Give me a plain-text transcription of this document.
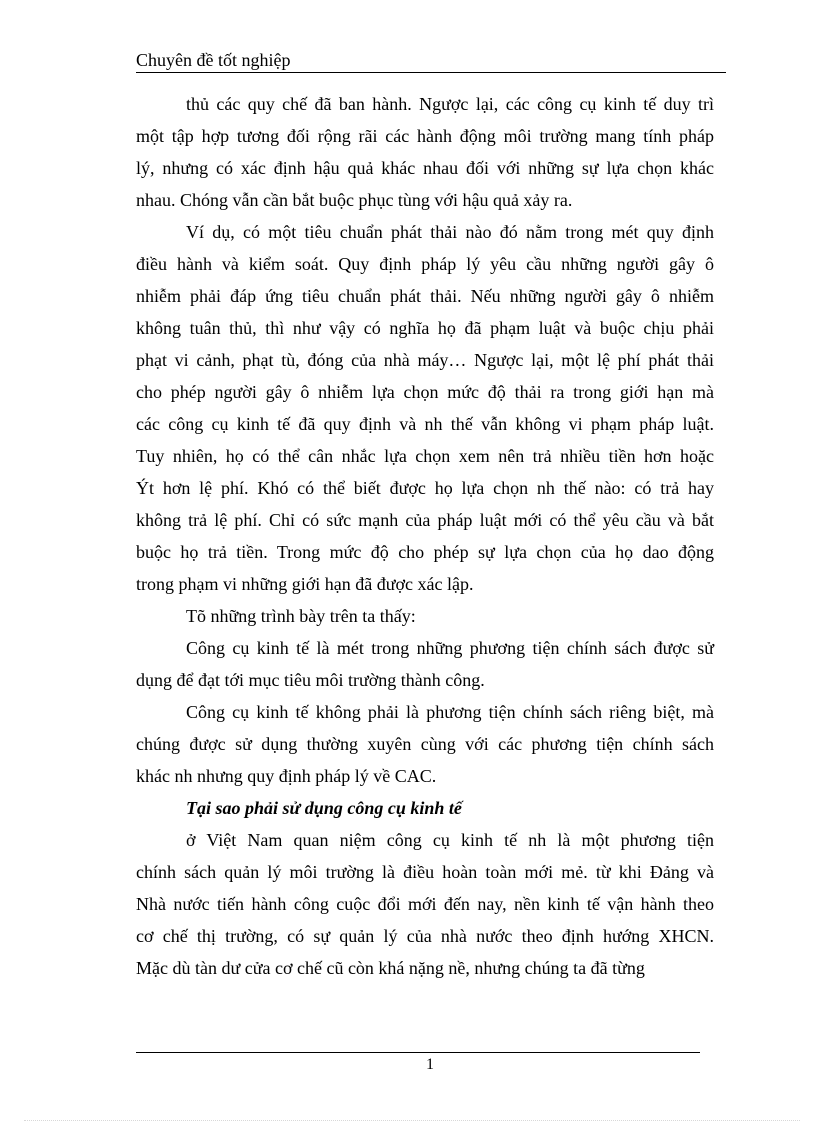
Chuyên đề tốt nghiệp
thủ các quy chế đã ban hành. Ngược lại, các công cụ kinh tế duy trì
một tập hợp tương đối rộng rãi các hành động môi trường mang tính pháp
lý, nhưng có xác định hậu quả khác nhau đối với những sự lựa chọn khác
nhau. Chóng vẫn cần bắt buộc phục tùng với hậu quả xảy ra.
Ví dụ, có một tiêu chuẩn phát thải nào đó nằm trong mét quy định
điều hành và kiểm soát. Quy định pháp lý yêu cầu những người gây ô
nhiễm phải đáp ứng tiêu chuẩn phát thải. Nếu những người gây ô nhiễm
không tuân thủ, thì như vậy có nghĩa họ đã phạm luật và buộc chịu phải
phạt vi cảnh, phạt tù, đóng của nhà máy… Ngược lại, một lệ phí phát thải
cho phép người gây ô nhiễm lựa chọn mức độ thải ra trong giới hạn mà
các công cụ kinh tế đã quy định và nh thế vẫn không vi phạm pháp luật.
Tuy nhiên, họ có thể cân nhắc lựa chọn xem nên trả nhiều tiền hơn hoặc
Ýt hơn lệ phí. Khó có thể biết được họ lựa chọn nh thế nào: có trả hay
không trả lệ phí. Chỉ có sức mạnh của pháp luật mới có thể yêu cầu và bắt
buộc họ trả tiền. Trong mức độ cho phép sự lựa chọn của họ dao động
trong phạm vi những giới hạn đã được xác lập.
Tõ những trình bày trên ta thấy:
Công cụ kinh tế là mét trong những phương tiện chính sách được sử
dụng để đạt tới mục tiêu môi trường thành công.
Công cụ kinh tế không phải là phương tiện chính sách riêng biệt, mà
chúng được sử dụng thường xuyên cùng với các phương tiện chính sách
khác nh nhưng quy định pháp lý về CAC.
Tại sao phải sử dụng công cụ kinh tế
ở Việt Nam quan niệm công cụ kinh tế nh là một phương tiện
chính sách quản lý môi trường là điều hoàn toàn mới mẻ. từ khi Đảng và
Nhà nước tiến hành công cuộc đổi mới đến nay, nền kinh tế vận hành theo
cơ chế thị trường, có sự quản lý của nhà nước theo định hướng XHCN.
Mặc dù tàn dư cửa cơ chế cũ còn khá nặng nề, nhưng chúng ta đã từng
1
